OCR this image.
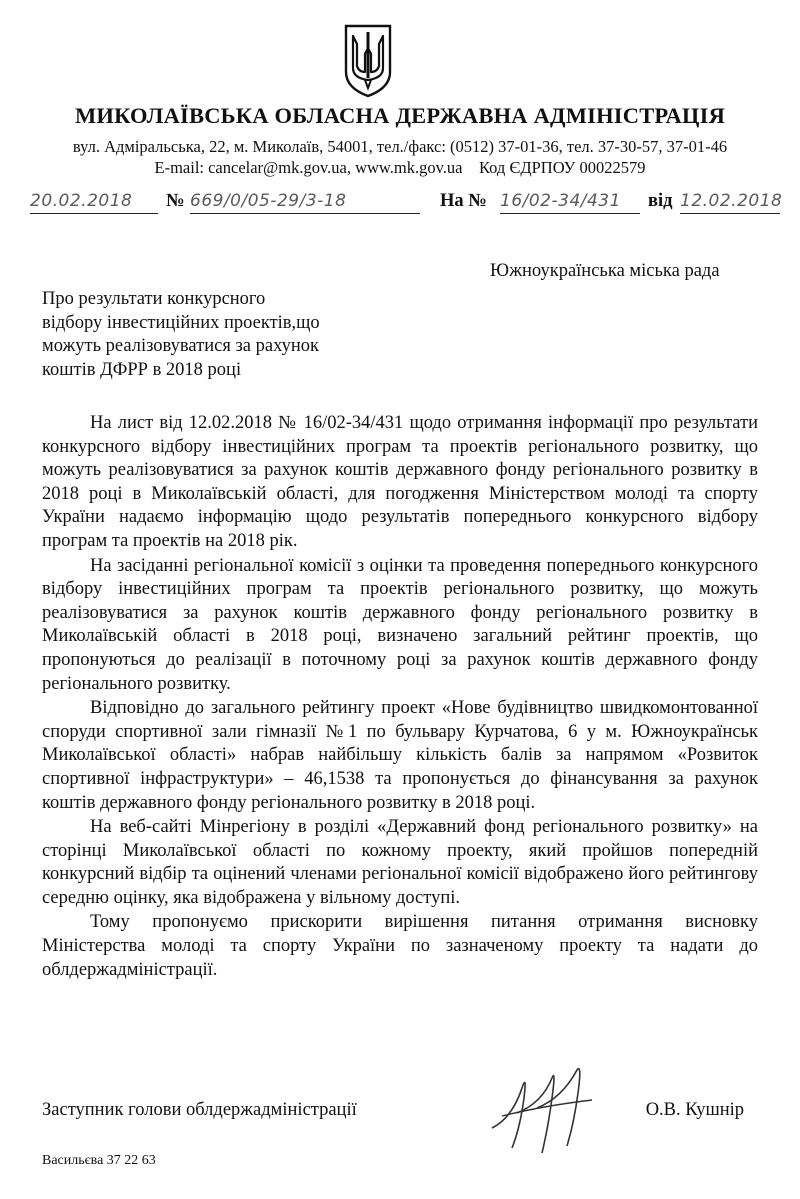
МИКОЛАЇВСЬКА ОБЛАСНА ДЕРЖАВНА АДМІНІСТРАЦІЯ
вул. Адміральська, 22, м. Миколаїв, 54001, тел./факс: (0512) 37-01-36, тел. 37-30-57, 37-01-46
E-mail: cancelar@mk.gov.ua, www.mk.gov.ua    Код ЄДРПОУ 00022579
20.02.2018	№ 669/0/05-29/3-18	На № 16/02-34/431	від 12.02.2018
Южноукраїнська міська рада
Про результати конкурсного
відбору інвестиційних проектів,що
можуть реалізовуватися за рахунок
коштів ДФРР в 2018 році

На лист від 12.02.2018 № 16/02-34/431 щодо отримання інформації про результати конкурсного відбору інвестиційних програм та проектів регіонального розвитку, що можуть реалізовуватися за рахунок коштів державного фонду регіонального розвитку в 2018 році в Миколаївській області, для погодження Міністерством молоді та спорту України надаємо інформацію щодо результатів попереднього конкурсного відбору програм та проектів на 2018 рік.

На засіданні регіональної комісії з оцінки та проведення попереднього конкурсного відбору інвестиційних програм та проектів регіонального розвитку, що можуть реалізовуватися за рахунок коштів державного фонду регіонального розвитку в Миколаївській області в 2018 році, визначено загальний рейтинг проектів, що пропонуються до реалізації в поточному році за рахунок коштів державного фонду регіонального розвитку.

Відповідно до загального рейтингу проект «Нове будівництво швидкомонтованної споруди спортивної зали гімназії №1 по бульвару Курчатова, 6 у м. Южноукраїнськ Миколаївської області» набрав найбільшу кількість балів за напрямом «Розвиток спортивної інфраструктури» – 46,1538 та пропонується до фінансування за рахунок коштів державного фонду регіонального розвитку в 2018 році.

На веб-сайті Мінрегіону в розділі «Державний фонд регіонального розвитку» на сторінці Миколаївської області по кожному проекту, який пройшов попередній конкурсний відбір та оцінений членами регіональної комісії відображено його рейтингову середню оцінку, яка відображена у вільному доступі.

Тому пропонуємо прискорити вирішення питання отримання висновку Міністерства молоді та спорту України по зазначеному проекту та надати до облдержадміністрації.

Заступник голови облдержадміністрації	О.В. Кушнір
Васильєва 37 22 63
